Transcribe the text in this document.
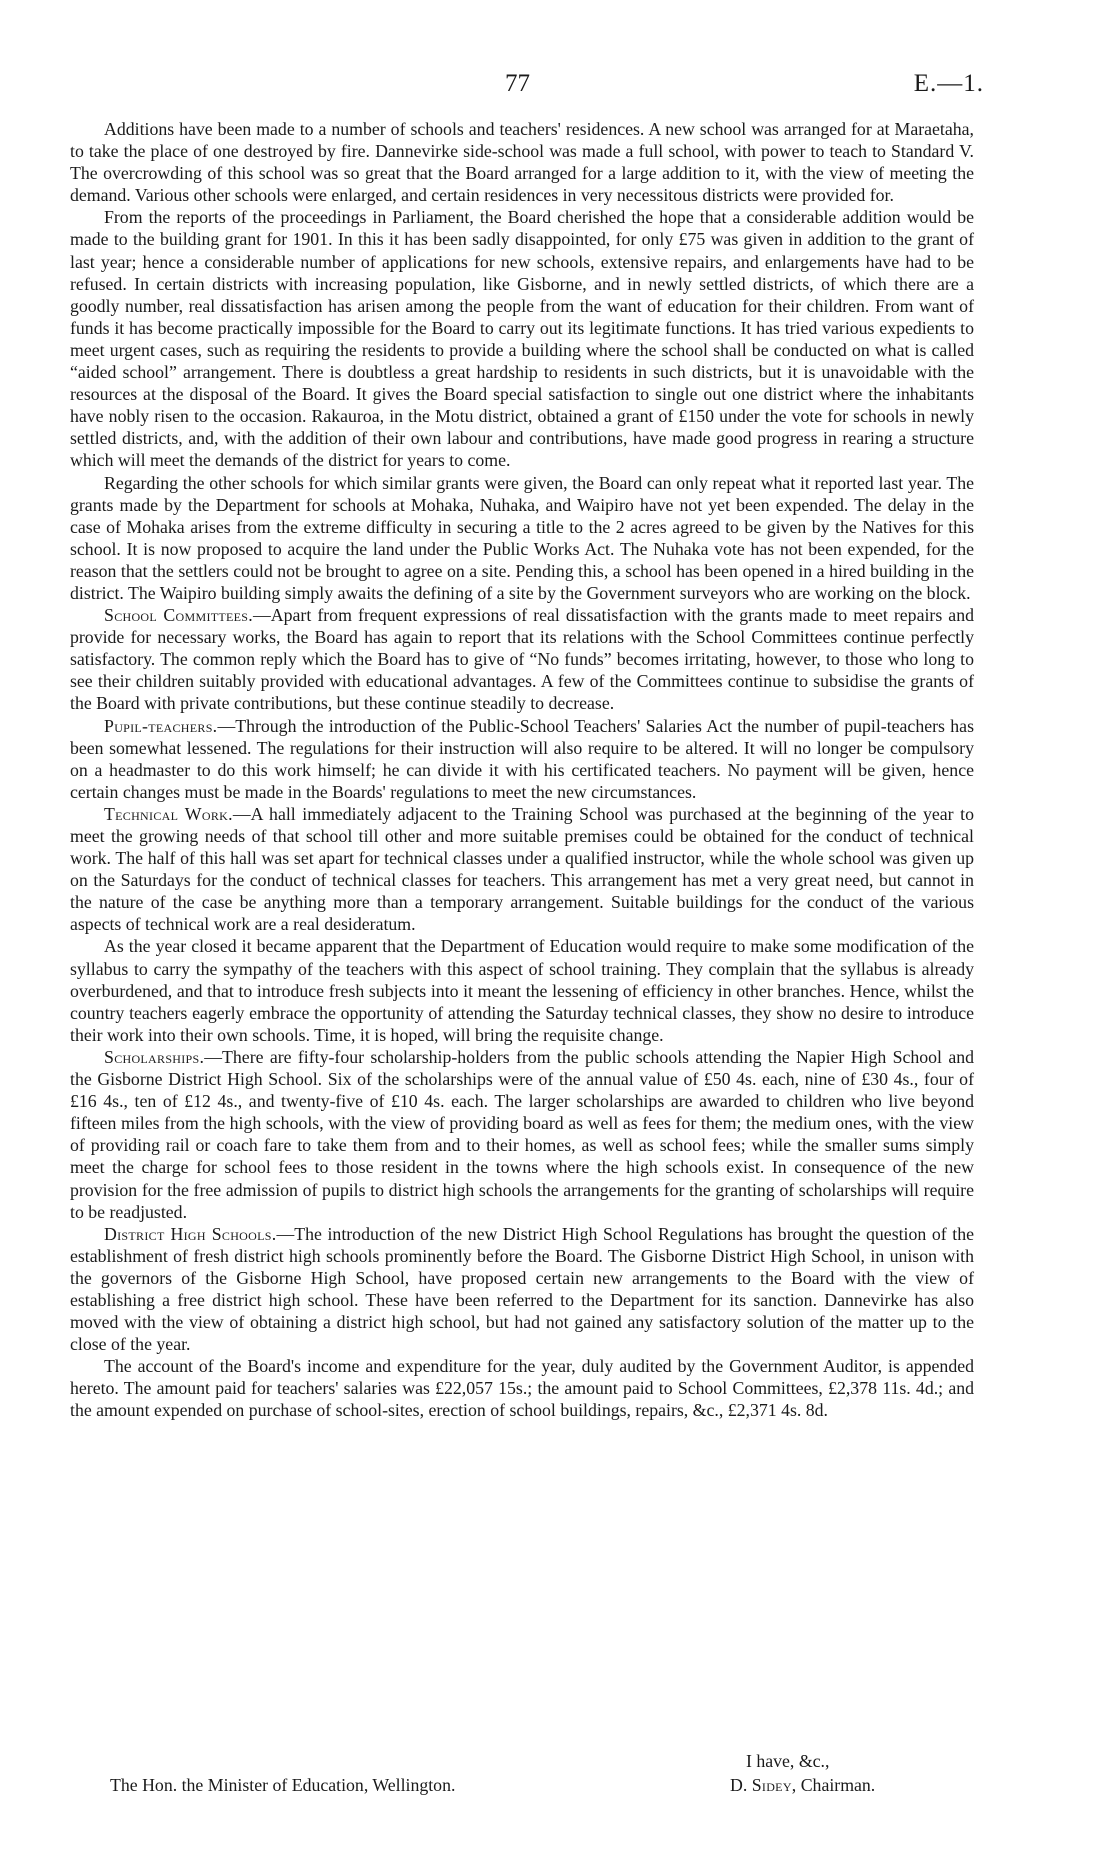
77	E.—1.

Additions have been made to a number of schools and teachers' residences. A new school was arranged for at Maraetaha, to take the place of one destroyed by fire. Dannevirke side-school was made a full school, with power to teach to Standard V. The overcrowding of this school was so great that the Board arranged for a large addition to it, with the view of meeting the demand. Various other schools were enlarged, and certain residences in very necessitous districts were provided for.

From the reports of the proceedings in Parliament, the Board cherished the hope that a considerable addition would be made to the building grant for 1901. In this it has been sadly disappointed, for only £75 was given in addition to the grant of last year; hence a considerable number of applications for new schools, extensive repairs, and enlargements have had to be refused. In certain districts with increasing population, like Gisborne, and in newly settled districts, of which there are a goodly number, real dissatisfaction has arisen among the people from the want of education for their children. From want of funds it has become practically impossible for the Board to carry out its legitimate functions. It has tried various expedients to meet urgent cases, such as requiring the residents to provide a building where the school shall be conducted on what is called “aided school” arrangement. There is doubtless a great hardship to residents in such districts, but it is unavoidable with the resources at the disposal of the Board. It gives the Board special satisfaction to single out one district where the inhabitants have nobly risen to the occasion. Rakauroa, in the Motu district, obtained a grant of £150 under the vote for schools in newly settled districts, and, with the addition of their own labour and contributions, have made good progress in rearing a structure which will meet the demands of the district for years to come.

Regarding the other schools for which similar grants were given, the Board can only repeat what it reported last year. The grants made by the Department for schools at Mohaka, Nuhaka, and Waipiro have not yet been expended. The delay in the case of Mohaka arises from the extreme difficulty in securing a title to the 2 acres agreed to be given by the Natives for this school. It is now proposed to acquire the land under the Public Works Act. The Nuhaka vote has not been expended, for the reason that the settlers could not be brought to agree on a site. Pending this, a school has been opened in a hired building in the district. The Waipiro building simply awaits the defining of a site by the Government surveyors who are working on the block.

School Committees.—Apart from frequent expressions of real dissatisfaction with the grants made to meet repairs and provide for necessary works, the Board has again to report that its relations with the School Committees continue perfectly satisfactory. The common reply which the Board has to give of “No funds” becomes irritating, however, to those who long to see their children suitably provided with educational advantages. A few of the Committees continue to subsidise the grants of the Board with private contributions, but these continue steadily to decrease.

Pupil-teachers.—Through the introduction of the Public-School Teachers' Salaries Act the number of pupil-teachers has been somewhat lessened. The regulations for their instruction will also require to be altered. It will no longer be compulsory on a headmaster to do this work himself; he can divide it with his certificated teachers. No payment will be given, hence certain changes must be made in the Boards' regulations to meet the new circumstances.

Technical Work.—A hall immediately adjacent to the Training School was purchased at the beginning of the year to meet the growing needs of that school till other and more suitable premises could be obtained for the conduct of technical work. The half of this hall was set apart for technical classes under a qualified instructor, while the whole school was given up on the Saturdays for the conduct of technical classes for teachers. This arrangement has met a very great need, but cannot in the nature of the case be anything more than a temporary arrangement. Suitable buildings for the conduct of the various aspects of technical work are a real desideratum.

As the year closed it became apparent that the Department of Education would require to make some modification of the syllabus to carry the sympathy of the teachers with this aspect of school training. They complain that the syllabus is already overburdened, and that to introduce fresh subjects into it meant the lessening of efficiency in other branches. Hence, whilst the country teachers eagerly embrace the opportunity of attending the Saturday technical classes, they show no desire to introduce their work into their own schools. Time, it is hoped, will bring the requisite change.

Scholarships.—There are fifty-four scholarship-holders from the public schools attending the Napier High School and the Gisborne District High School. Six of the scholarships were of the annual value of £50 4s. each, nine of £30 4s., four of £16 4s., ten of £12 4s., and twenty-five of £10 4s. each. The larger scholarships are awarded to children who live beyond fifteen miles from the high schools, with the view of providing board as well as fees for them; the medium ones, with the view of providing rail or coach fare to take them from and to their homes, as well as school fees; while the smaller sums simply meet the charge for school fees to those resident in the towns where the high schools exist. In consequence of the new provision for the free admission of pupils to district high schools the arrangements for the granting of scholarships will require to be readjusted.

District High Schools.—The introduction of the new District High School Regulations has brought the question of the establishment of fresh district high schools prominently before the Board. The Gisborne District High School, in unison with the governors of the Gisborne High School, have proposed certain new arrangements to the Board with the view of establishing a free district high school. These have been referred to the Department for its sanction. Dannevirke has also moved with the view of obtaining a district high school, but had not gained any satisfactory solution of the matter up to the close of the year.

The account of the Board's income and expenditure for the year, duly audited by the Government Auditor, is appended hereto. The amount paid for teachers' salaries was £22,057 15s.; the amount paid to School Committees, £2,378 11s. 4d.; and the amount expended on purchase of school-sites, erection of school buildings, repairs, &c., £2,371 4s. 8d.

I have, &c.,
The Hon. the Minister of Education, Wellington.	D. Sidey, Chairman.
